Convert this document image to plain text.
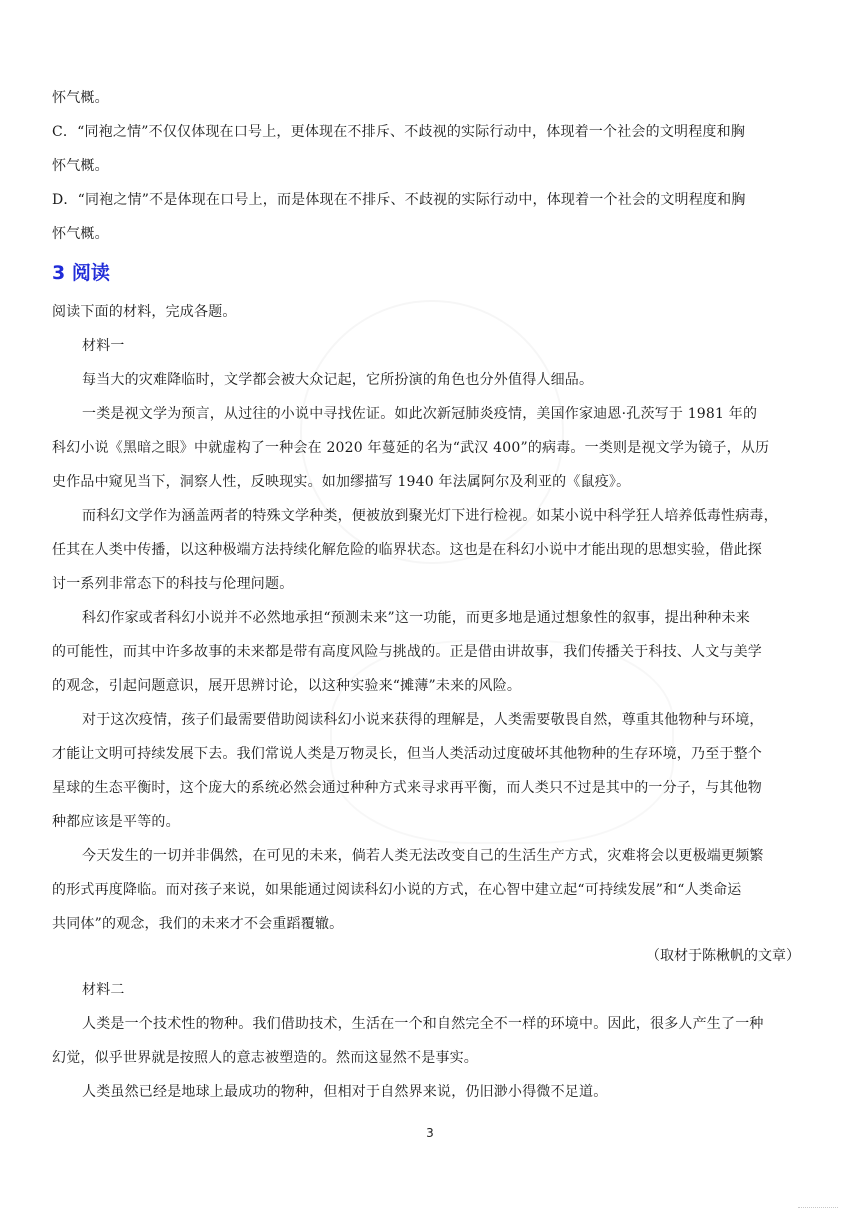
怀气概。
C．“同袍之情”不仅仅体现在口号上，更体现在不排斥、不歧视的实际行动中，体现着一个社会的文明程度和胸
怀气概。
D．“同袍之情”不是体现在口号上，而是体现在不排斥、不歧视的实际行动中，体现着一个社会的文明程度和胸
怀气概。
3 阅读
阅读下面的材料，完成各题。
材料一
每当大的灾难降临时，文学都会被大众记起，它所扮演的角色也分外值得人细品。
一类是视文学为预言，从过往的小说中寻找佐证。如此次新冠肺炎疫情，美国作家迪恩·孔茨写于 1981 年的
科幻小说《黑暗之眼》中就虚构了一种会在 2020 年蔓延的名为“武汉 400”的病毒。一类则是视文学为镜子，从历
史作品中窥见当下，洞察人性，反映现实。如加缪描写 1940 年法属阿尔及利亚的《鼠疫》。
而科幻文学作为涵盖两者的特殊文学种类，便被放到聚光灯下进行检视。如某小说中科学狂人培养低毒性病毒，
任其在人类中传播，以这种极端方法持续化解危险的临界状态。这也是在科幻小说中才能出现的思想实验，借此探
讨一系列非常态下的科技与伦理问题。
科幻作家或者科幻小说并不必然地承担“预测未来”这一功能，而更多地是通过想象性的叙事，提出种种未来
的可能性，而其中许多故事的未来都是带有高度风险与挑战的。正是借由讲故事，我们传播关于科技、人文与美学
的观念，引起问题意识，展开思辨讨论，以这种实验来“摊薄”未来的风险。
对于这次疫情，孩子们最需要借助阅读科幻小说来获得的理解是，人类需要敬畏自然，尊重其他物种与环境，
才能让文明可持续发展下去。我们常说人类是万物灵长，但当人类活动过度破坏其他物种的生存环境，乃至于整个
星球的生态平衡时，这个庞大的系统必然会通过种种方式来寻求再平衡，而人类只不过是其中的一分子，与其他物
种都应该是平等的。
今天发生的一切并非偶然，在可见的未来，倘若人类无法改变自己的生活生产方式，灾难将会以更极端更频繁
的形式再度降临。而对孩子来说，如果能通过阅读科幻小说的方式，在心智中建立起“可持续发展”和“人类命运
共同体”的观念，我们的未来才不会重蹈覆辙。
（取材于陈楸帆的文章）
材料二
人类是一个技术性的物种。我们借助技术，生活在一个和自然完全不一样的环境中。因此，很多人产生了一种
幻觉，似乎世界就是按照人的意志被塑造的。然而这显然不是事实。
人类虽然已经是地球上最成功的物种，但相对于自然界来说，仍旧渺小得微不足道。
3
